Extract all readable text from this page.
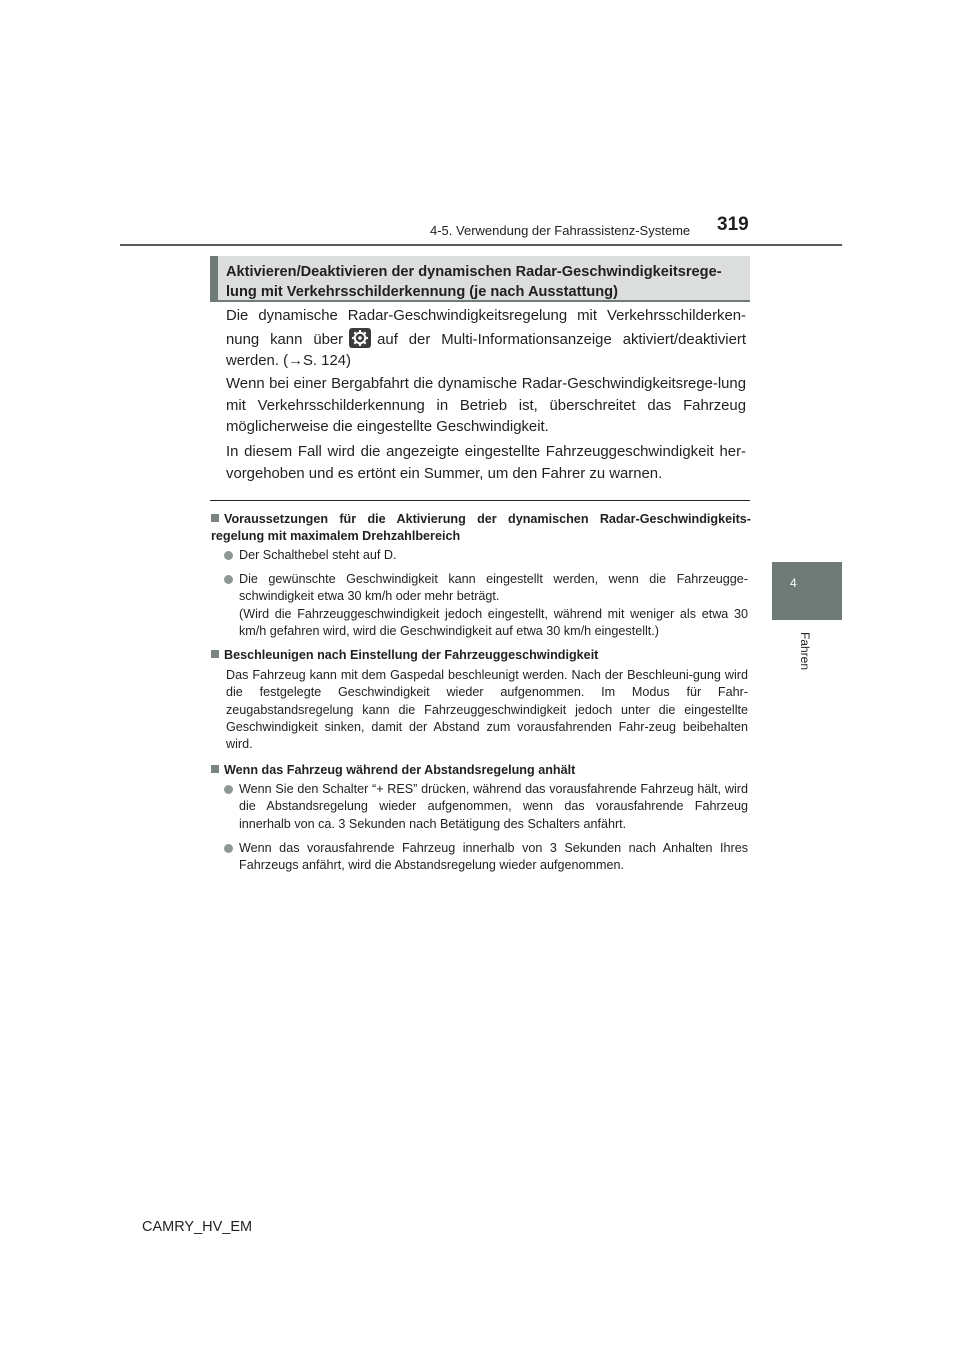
4-5. Verwendung der Fahrassistenz-Systeme 319
4
Fahren
Aktivieren/Deaktivieren der dynamischen Radar-Geschwindigkeitsrege-lung mit Verkehrsschilderkennung (je nach Ausstattung)
Die dynamische Radar-Geschwindigkeitsregelung mit Verkehrsschilderken-nung kann über auf der Multi-Informationsanzeige aktiviert/deaktiviert werden. (→S. 124)
Wenn bei einer Bergabfahrt die dynamische Radar-Geschwindigkeitsrege-lung mit Verkehrsschilderkennung in Betrieb ist, überschreitet das Fahrzeug möglicherweise die eingestellte Geschwindigkeit.
In diesem Fall wird die angezeigte eingestellte Fahrzeuggeschwindigkeit her-vorgehoben und es ertönt ein Summer, um den Fahrer zu warnen.
Voraussetzungen für die Aktivierung der dynamischen Radar-Geschwindigkeits-regelung mit maximalem Drehzahlbereich
Der Schalthebel steht auf D.
Die gewünschte Geschwindigkeit kann eingestellt werden, wenn die Fahrzeugge-schwindigkeit etwa 30 km/h oder mehr beträgt.
(Wird die Fahrzeuggeschwindigkeit jedoch eingestellt, während mit weniger als etwa 30 km/h gefahren wird, wird die Geschwindigkeit auf etwa 30 km/h eingestellt.)
Beschleunigen nach Einstellung der Fahrzeuggeschwindigkeit
Das Fahrzeug kann mit dem Gaspedal beschleunigt werden. Nach der Beschleuni-gung wird die festgelegte Geschwindigkeit wieder aufgenommen. Im Modus für Fahr-zeugabstandsregelung kann die Fahrzeuggeschwindigkeit jedoch unter die eingestellte Geschwindigkeit sinken, damit der Abstand zum vorausfahrenden Fahr-zeug beibehalten wird.
Wenn das Fahrzeug während der Abstandsregelung anhält
Wenn Sie den Schalter “+ RES” drücken, während das vorausfahrende Fahrzeug hält, wird die Abstandsregelung wieder aufgenommen, wenn das vorausfahrende Fahrzeug innerhalb von ca. 3 Sekunden nach Betätigung des Schalters anfährt.
Wenn das vorausfahrende Fahrzeug innerhalb von 3 Sekunden nach Anhalten Ihres Fahrzeugs anfährt, wird die Abstandsregelung wieder aufgenommen.
CAMRY_HV_EM
